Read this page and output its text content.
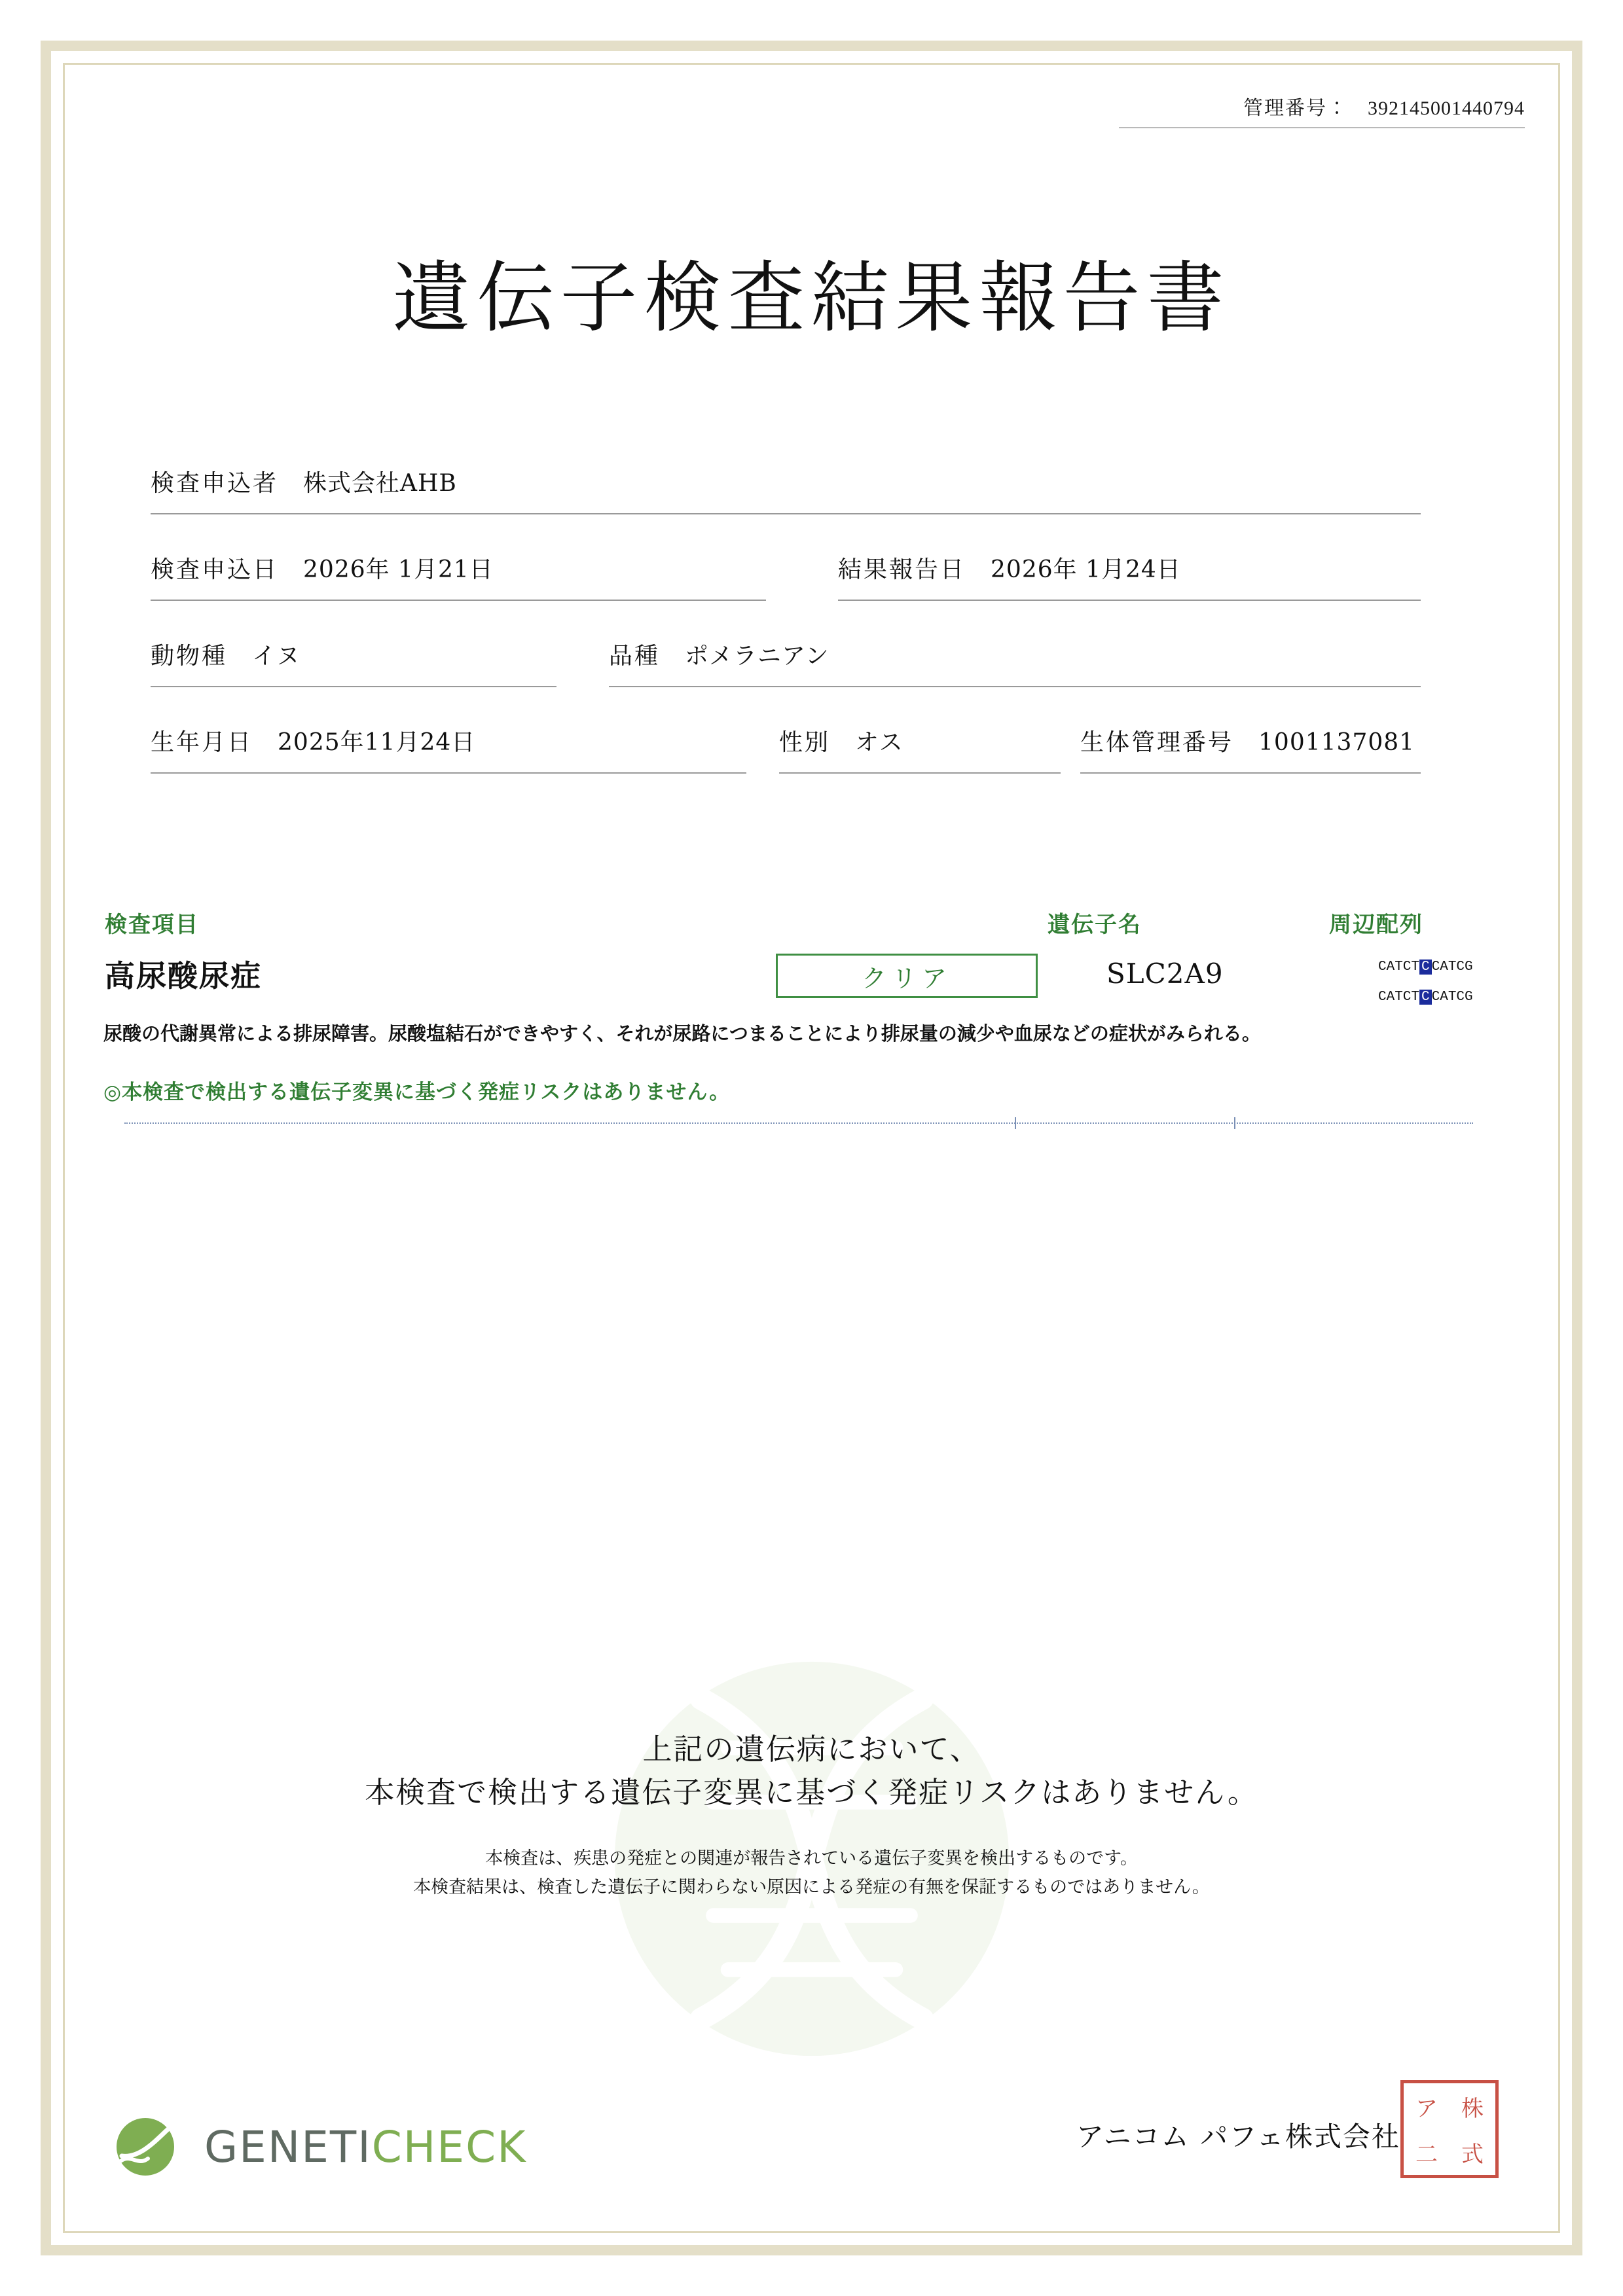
管理番号： 392145001440794
遺伝子検査結果報告書
検査申込者 株式会社AHB
検査申込日 2026年 1月21日	結果報告日 2026年 1月24日
動物種 イヌ	品種 ポメラニアン
生年月日 2025年11月24日	性別 オス	生体管理番号 1001137081
検査項目	遺伝子名	周辺配列
高尿酸尿症	クリア	SLC2A9	CATCT C CATCG
CATCT C CATCG
尿酸の代謝異常による排尿障害。尿酸塩結石ができやすく、それが尿路につまることにより排尿量の減少や血尿などの症状がみられる。
◎本検査で検出する遺伝子変異に基づく発症リスクはありません。
上記の遺伝病において、
本検査で検出する遺伝子変異に基づく発症リスクはありません。
本検査は、疾患の発症との関連が報告されている遺伝子変異を検出するものです。
本検査結果は、検査した遺伝子に関わらない原因による発症の有無を保証するものではありません。
GENETICHECK	アニコム パフェ株式会社
ア	株
二	式
